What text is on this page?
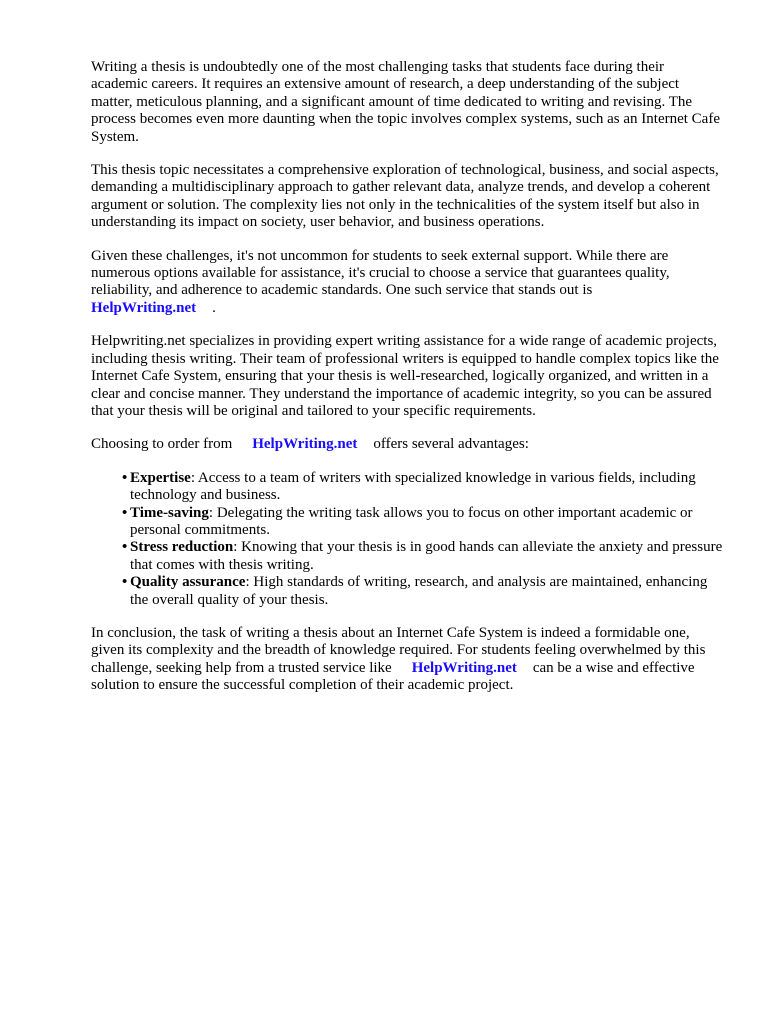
Writing a thesis is undoubtedly one of the most challenging tasks that students face during their academic careers. It requires an extensive amount of research, a deep understanding of the subject matter, meticulous planning, and a significant amount of time dedicated to writing and revising. The process becomes even more daunting when the topic involves complex systems, such as an Internet Cafe System.

This thesis topic necessitates a comprehensive exploration of technological, business, and social aspects, demanding a multidisciplinary approach to gather relevant data, analyze trends, and develop a coherent argument or solution. The complexity lies not only in the technicalities of the system itself but also in understanding its impact on society, user behavior, and business operations.

Given these challenges, it's not uncommon for students to seek external support. While there are numerous options available for assistance, it's crucial to choose a service that guarantees quality, reliability, and adherence to academic standards. One such service that stands out is
HelpWriting.net .

Helpwriting.net specializes in providing expert writing assistance for a wide range of academic projects, including thesis writing. Their team of professional writers is equipped to handle complex topics like the Internet Cafe System, ensuring that your thesis is well-researched, logically organized, and written in a clear and concise manner. They understand the importance of academic integrity, so you can be assured that your thesis will be original and tailored to your specific requirements.

Choosing to order from HelpWriting.net offers several advantages:

• Expertise: Access to a team of writers with specialized knowledge in various fields, including technology and business.
• Time-saving: Delegating the writing task allows you to focus on other important academic or personal commitments.
• Stress reduction: Knowing that your thesis is in good hands can alleviate the anxiety and pressure that comes with thesis writing.
• Quality assurance: High standards of writing, research, and analysis are maintained, enhancing the overall quality of your thesis.

In conclusion, the task of writing a thesis about an Internet Cafe System is indeed a formidable one, given its complexity and the breadth of knowledge required. For students feeling overwhelmed by this challenge, seeking help from a trusted service like HelpWriting.net can be a wise and effective solution to ensure the successful completion of their academic project.
